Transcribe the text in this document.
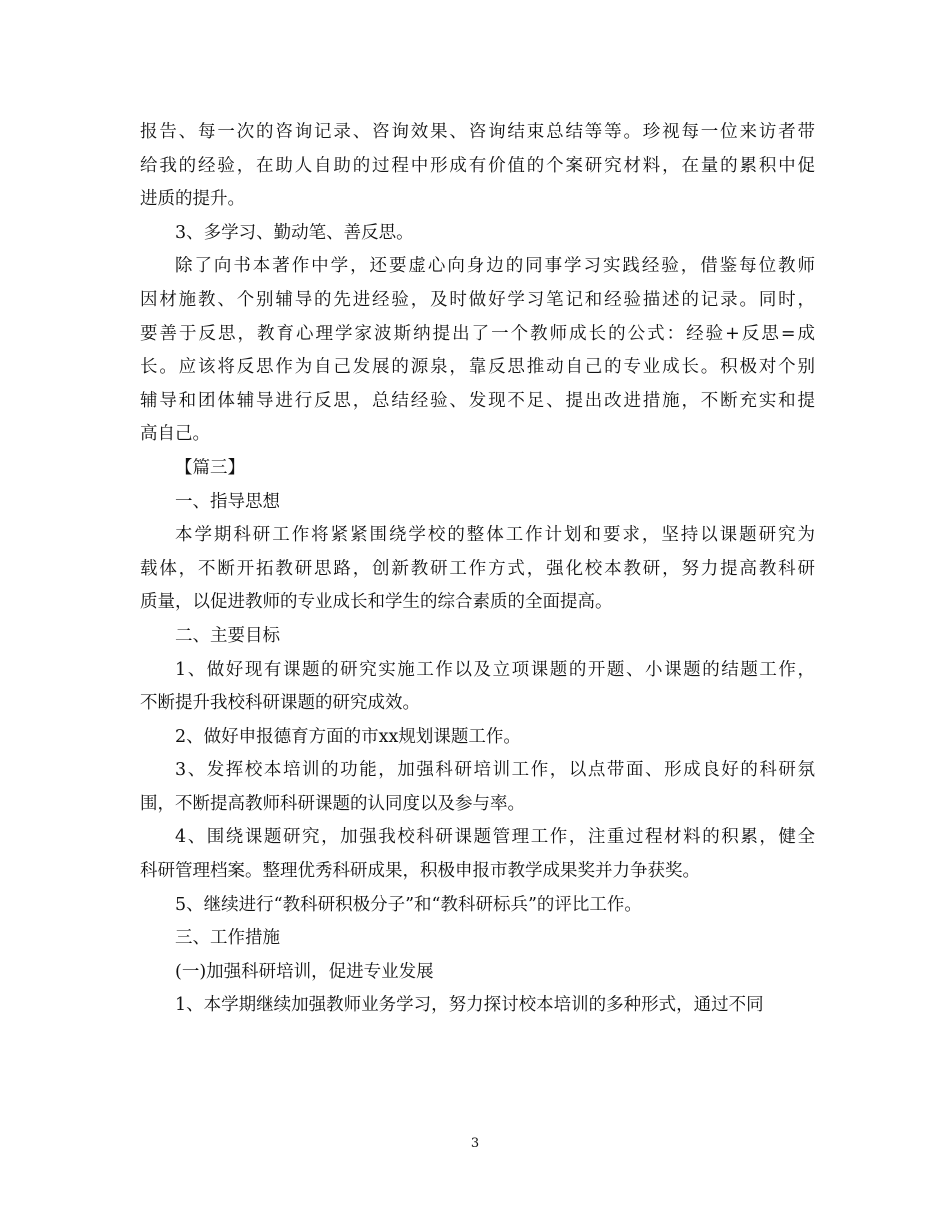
报告、每一次的咨询记录、咨询效果、咨询结束总结等等。珍视每一位来访者带
给我的经验，在助人自助的过程中形成有价值的个案研究材料，在量的累积中促
进质的提升。

3、多学习、勤动笔、善反思。

除了向书本著作中学，还要虚心向身边的同事学习实践经验，借鉴每位教师
因材施教、个别辅导的先进经验，及时做好学习笔记和经验描述的记录。同时，
要善于反思，教育心理学家波斯纳提出了一个教师成长的公式：经验+反思=成
长。应该将反思作为自己发展的源泉，靠反思推动自己的专业成长。积极对个别
辅导和团体辅导进行反思，总结经验、发现不足、提出改进措施，不断充实和提
高自己。

【篇三】

一、指导思想

本学期科研工作将紧紧围绕学校的整体工作计划和要求，坚持以课题研究为
载体，不断开拓教研思路，创新教研工作方式，强化校本教研，努力提高教科研
质量，以促进教师的专业成长和学生的综合素质的全面提高。

二、主要目标

1、做好现有课题的研究实施工作以及立项课题的开题、小课题的结题工作，
不断提升我校科研课题的研究成效。

2、做好申报德育方面的市xx规划课题工作。

3、发挥校本培训的功能，加强科研培训工作，以点带面、形成良好的科研氛
围，不断提高教师科研课题的认同度以及参与率。

4、围绕课题研究，加强我校科研课题管理工作，注重过程材料的积累，健全
科研管理档案。整理优秀科研成果，积极申报市教学成果奖并力争获奖。

5、继续进行“教科研积极分子”和“教科研标兵”的评比工作。

三、工作措施

(一)加强科研培训，促进专业发展

1、本学期继续加强教师业务学习，努力探讨校本培训的多种形式，通过不同

3
